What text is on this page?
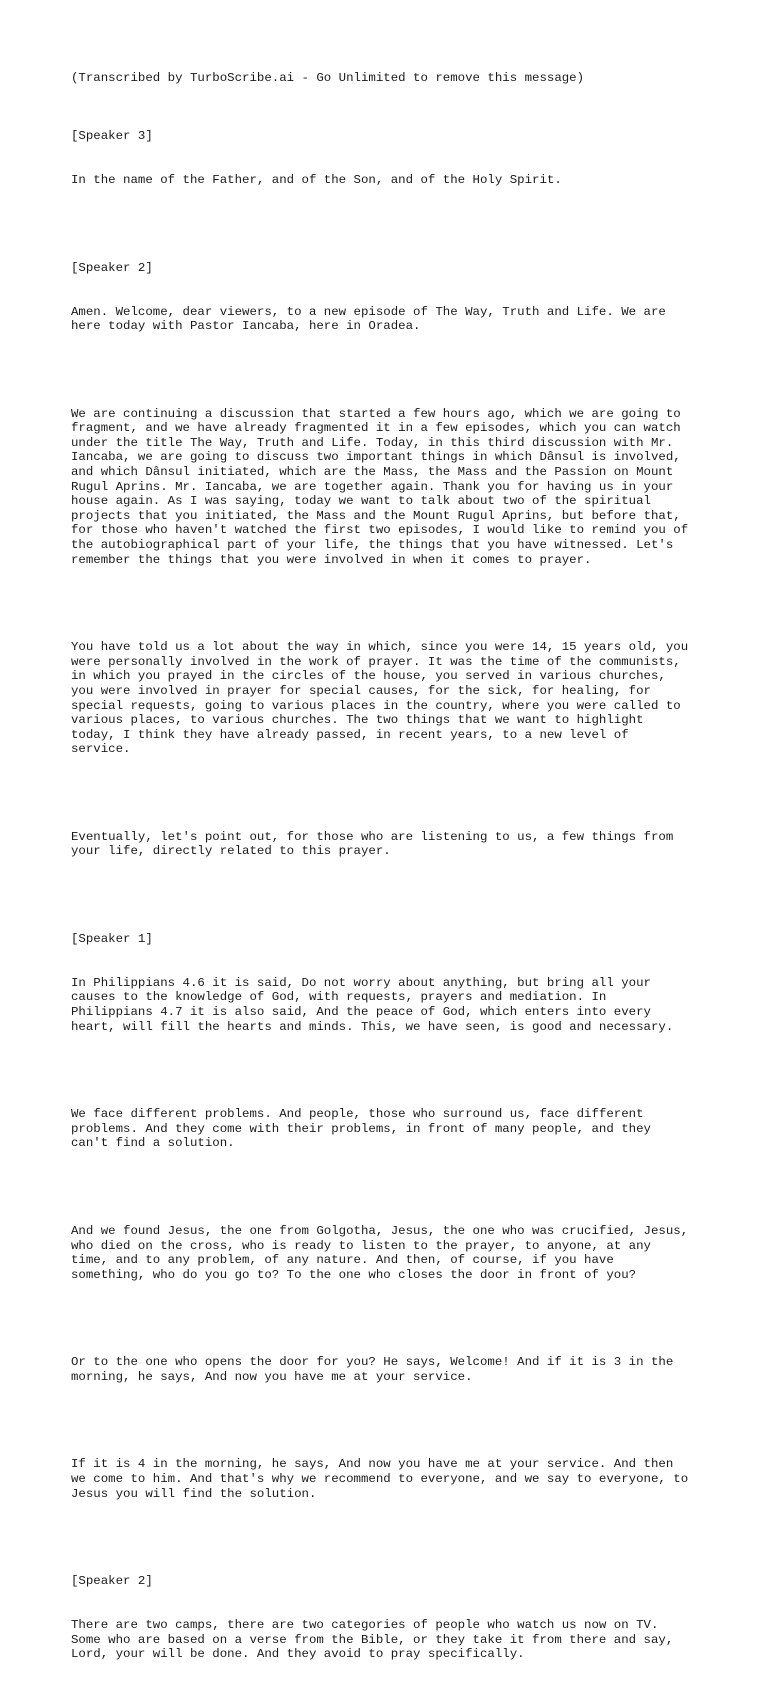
(Transcribed by TurboScribe.ai - Go Unlimited to remove this message)

[Speaker 3]

In the name of the Father, and of the Son, and of the Holy Spirit.

[Speaker 2]

Amen. Welcome, dear viewers, to a new episode of The Way, Truth and Life. We are
here today with Pastor Iancaba, here in Oradea.

We are continuing a discussion that started a few hours ago, which we are going to
fragment, and we have already fragmented it in a few episodes, which you can watch
under the title The Way, Truth and Life. Today, in this third discussion with Mr.
Iancaba, we are going to discuss two important things in which Dânsul is involved,
and which Dânsul initiated, which are the Mass, the Mass and the Passion on Mount
Rugul Aprins. Mr. Iancaba, we are together again. Thank you for having us in your
house again. As I was saying, today we want to talk about two of the spiritual
projects that you initiated, the Mass and the Mount Rugul Aprins, but before that,
for those who haven't watched the first two episodes, I would like to remind you of
the autobiographical part of your life, the things that you have witnessed. Let's
remember the things that you were involved in when it comes to prayer.

You have told us a lot about the way in which, since you were 14, 15 years old, you
were personally involved in the work of prayer. It was the time of the communists,
in which you prayed in the circles of the house, you served in various churches,
you were involved in prayer for special causes, for the sick, for healing, for
special requests, going to various places in the country, where you were called to
various places, to various churches. The two things that we want to highlight
today, I think they have already passed, in recent years, to a new level of
service.

Eventually, let's point out, for those who are listening to us, a few things from
your life, directly related to this prayer.

[Speaker 1]

In Philippians 4.6 it is said, Do not worry about anything, but bring all your
causes to the knowledge of God, with requests, prayers and mediation. In
Philippians 4.7 it is also said, And the peace of God, which enters into every
heart, will fill the hearts and minds. This, we have seen, is good and necessary.

We face different problems. And people, those who surround us, face different
problems. And they come with their problems, in front of many people, and they
can't find a solution.

And we found Jesus, the one from Golgotha, Jesus, the one who was crucified, Jesus,
who died on the cross, who is ready to listen to the prayer, to anyone, at any
time, and to any problem, of any nature. And then, of course, if you have
something, who do you go to? To the one who closes the door in front of you?

Or to the one who opens the door for you? He says, Welcome! And if it is 3 in the
morning, he says, And now you have me at your service.

If it is 4 in the morning, he says, And now you have me at your service. And then
we come to him. And that's why we recommend to everyone, and we say to everyone, to
Jesus you will find the solution.

[Speaker 2]

There are two camps, there are two categories of people who watch us now on TV.
Some who are based on a verse from the Bible, or they take it from there and say,
Lord, your will be done. And they avoid to pray specifically.
